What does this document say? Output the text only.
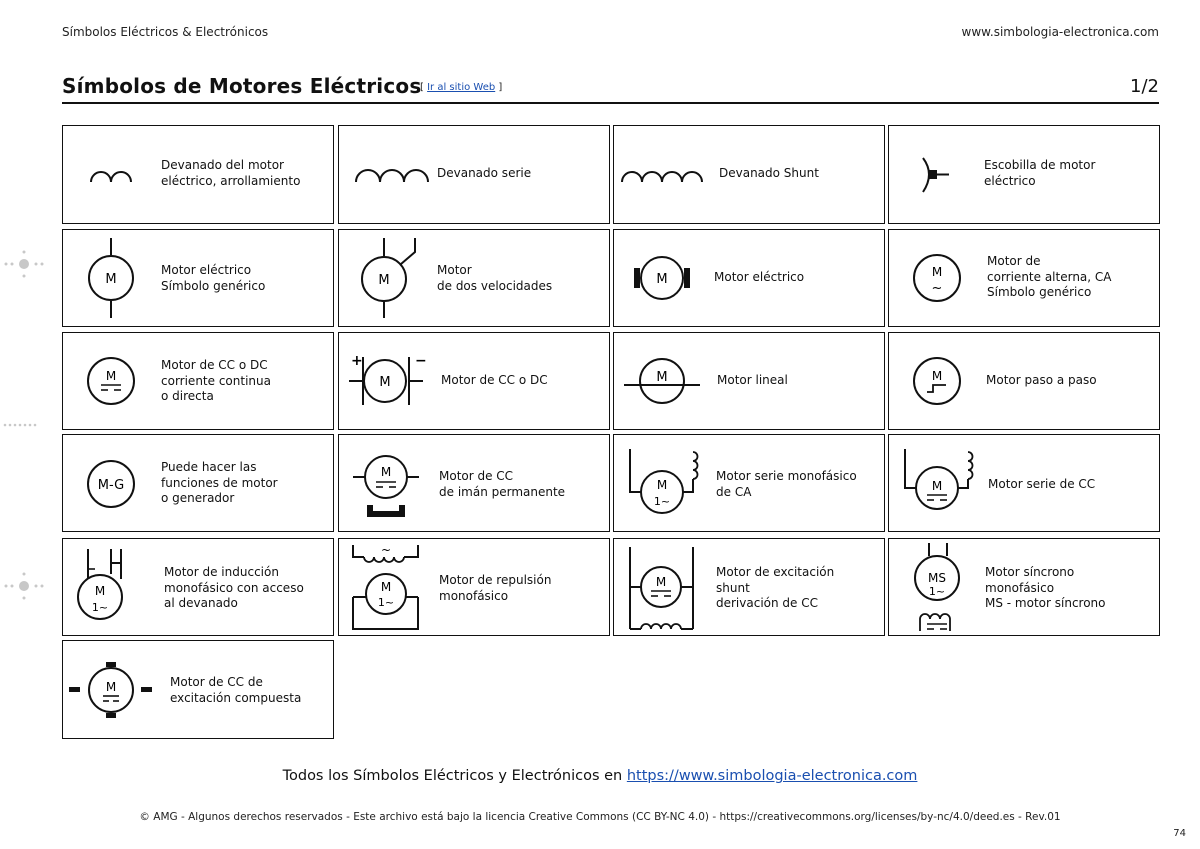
Símbolos Eléctricos & Electrónicos	www.simbologia-electronica.com
Símbolos de Motores Eléctricos
[ Ir al sitio Web ]	1/2
Devanado del motor
eléctrico, arrollamiento
Devanado serie	Devanado Shunt
Escobilla de motor
eléctrico
M
Motor eléctrico
Símbolo genérico	M
Motor
de dos velocidades	M	Motor eléctrico	M
~
Motor de
corriente alterna, CA
Símbolo genérico
M
Motor de CC o DC
corriente continua
o directa
+	−
M	Motor de CC o DC	M	Motor lineal	M	Motor paso a paso
M-G
Puede hacer las
funciones de motor
o generador
M	Motor de CC
de imán permanente	M
1~
Motor serie monofásico
de CA	M	Motor serie de CC
M
1~
Motor de inducción
monofásico con acceso
al devanado
~
M
1~
Motor de repulsión
monofásico
M
Motor de excitación
shunt
derivación de CC
MS
1~
Motor síncrono
monofásico
MS - motor síncrono
M	Motor de CC de
excitación compuesta
Todos los Símbolos Eléctricos y Electrónicos en https://www.simbologia-electronica.com
© AMG - Algunos derechos reservados - Este archivo está bajo la licencia Creative Commons (CC BY-NC 4.0) - https://creativecommons.org/licenses/by-nc/4.0/deed.es - Rev.01
74
